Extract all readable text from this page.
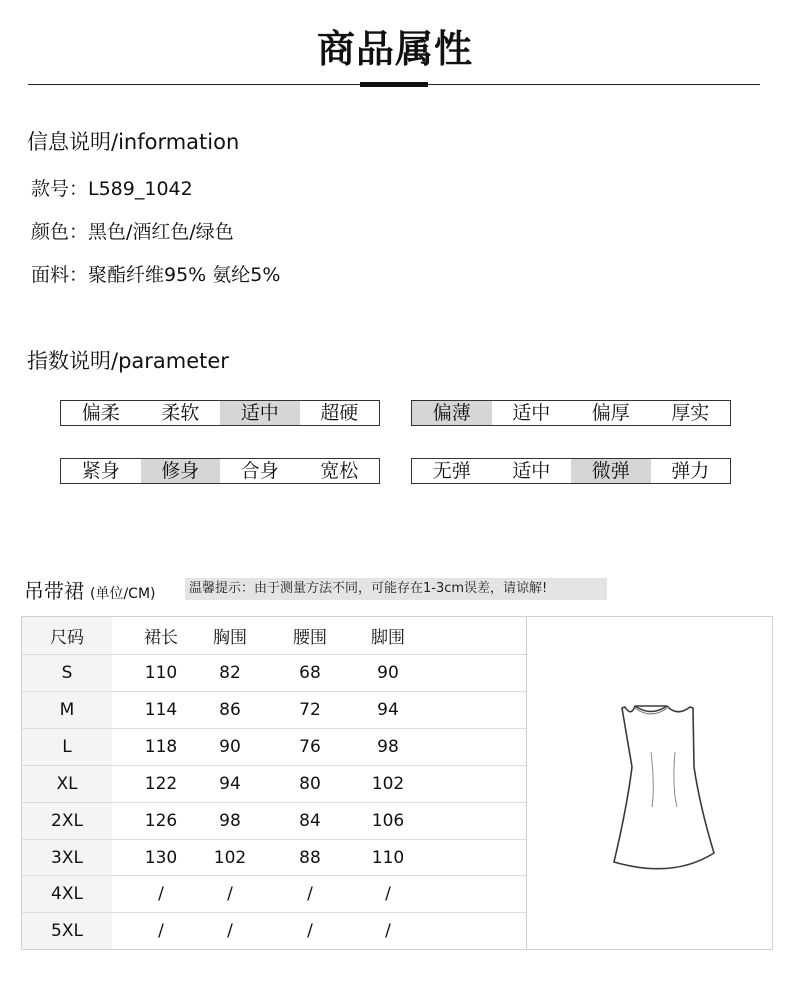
商品属性
信息说明/information
款号：L589_1042
颜色：黑色/酒红色/绿色
面料：聚酯纤维95% 氨纶5%
指数说明/parameter
偏柔	柔软	适中	超硬	偏薄	适中	偏厚	厚实
紧身	修身	合身	宽松	无弹	适中	微弹	弹力
吊带裙 (单位/CM)	温馨提示：由于测量方法不同，可能存在1-3cm误差，请谅解!
尺码	裙长	胸围	腰围	脚围
S	110	82	68	90
M	114	86	72	94
L	118	90	76	98
XL	122	94	80	102
2XL	126	98	84	106
3XL	130	102	88	110
4XL	/	/	/	/
5XL	/	/	/	/
